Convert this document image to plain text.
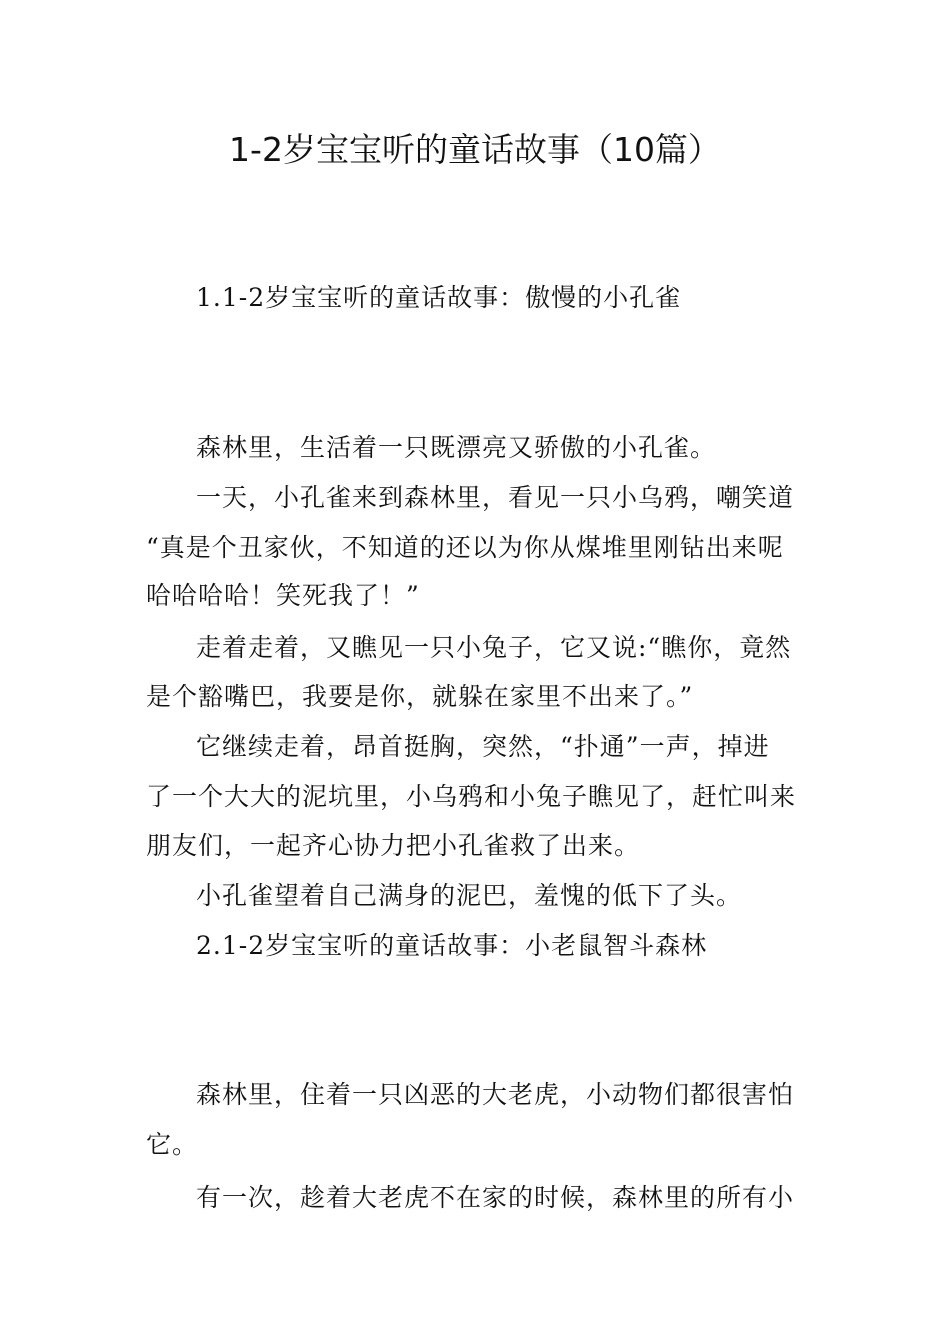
1-2岁宝宝听的童话故事（10篇）
1.1-2岁宝宝听的童话故事：傲慢的小孔雀
森林里，生活着一只既漂亮又骄傲的小孔雀。
一天，小孔雀来到森林里，看见一只小乌鸦，嘲笑道
“真是个丑家伙，不知道的还以为你从煤堆里刚钻出来呢
哈哈哈哈！笑死我了！”
走着走着，又瞧见一只小兔子，它又说:“瞧你，竟然
是个豁嘴巴，我要是你，就躲在家里不出来了。”
它继续走着，昂首挺胸，突然，“扑通”一声，掉进
了一个大大的泥坑里，小乌鸦和小兔子瞧见了，赶忙叫来
朋友们，一起齐心协力把小孔雀救了出来。
小孔雀望着自己满身的泥巴，羞愧的低下了头。
2.1-2岁宝宝听的童话故事：小老鼠智斗森林
森林里，住着一只凶恶的大老虎，小动物们都很害怕
它。
有一次，趁着大老虎不在家的时候，森林里的所有小
